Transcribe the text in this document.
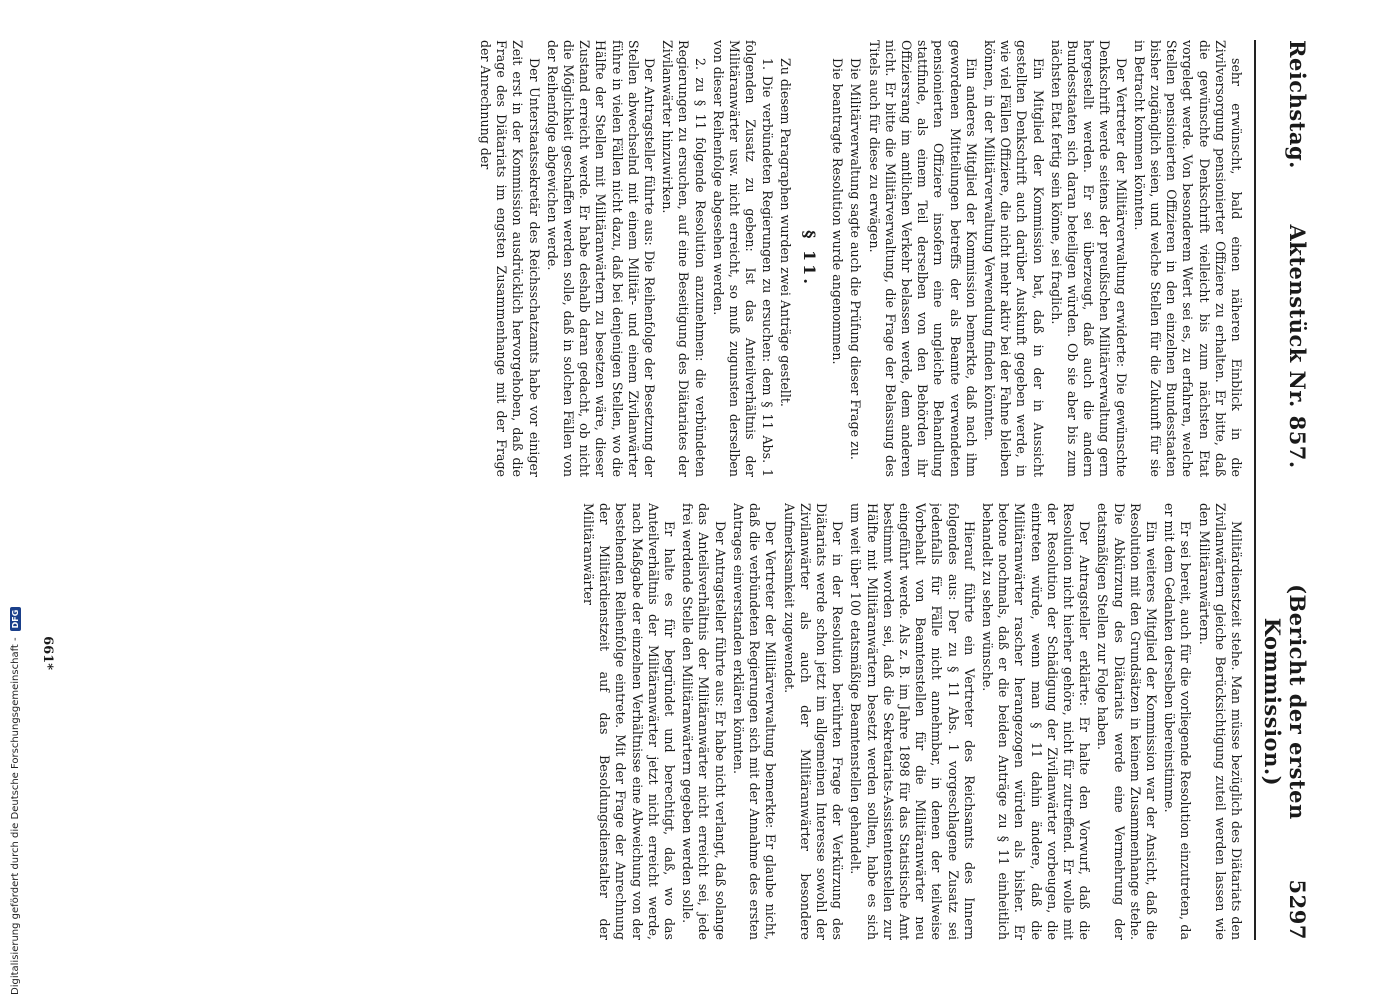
Reichstag.
Aktenstück Nr. 857.
(Bericht der ersten Kommission.)
5297

sehr erwünscht, bald einen näheren Einblick in die Zivilversorgung pensionierter Offiziere zu erhalten. Er bitte, daß die gewünschte Denkschrift vielleicht bis zum nächsten Etat vorgelegt werde. Von besonderem Wert sei es, zu erfahren, welche Stellen pensionierten Offizieren in den einzelnen Bundesstaaten bisher zugänglich seien, und welche Stellen für die Zukunft für sie in Betracht kommen könnten.

Der Vertreter der Militärverwaltung erwiderte: Die gewünschte Denkschrift werde seitens der preußischen Militärverwaltung gern hergestellt werden. Er sei überzeugt, daß auch die andern Bundesstaaten sich daran beteiligen würden. Ob sie aber bis zum nächsten Etat fertig sein könne, sei fraglich.

Ein Mitglied der Kommission bat, daß in der in Aussicht gestellten Denkschrift auch darüber Auskunft gegeben werde, in wie viel Fällen Offiziere, die nicht mehr aktiv bei der Fahne bleiben können, in der Militärverwaltung Verwendung finden könnten.

Ein anderes Mitglied der Kommission bemerkte, daß nach ihm gewordenen Mitteilungen betreffs der als Beamte verwendeten pensionierten Offiziere insofern eine ungleiche Behandlung stattfinde, als einem Teil derselben von den Behörden ihr Offiziersrang im amtlichen Verkehr belassen werde, dem anderen nicht. Er bitte die Militärverwaltung, die Frage der Belassung des Titels auch für diese zu erwägen.

Die Militärverwaltung sagte auch die Prüfung dieser Frage zu.

Die beantragte Resolution wurde angenommen.

§ 11.

Zu diesem Paragraphen wurden zwei Anträge gestellt.

1. Die verbündeten Regierungen zu ersuchen: dem § 11 Abs. 1 folgenden Zusatz zu geben: Ist das Anteilverhältnis der Militäranwärter usw. nicht erreicht, so muß zugunsten derselben von dieser Reihenfolge abgesehen werden.

2. zu § 11 folgende Resolution anzunehmen: die verbündeten Regierungen zu ersuchen, auf eine Beseitigung des Diätariates der Zivilanwärter hinzuwirken.

Der Antragsteller führte aus: Die Reihenfolge der Besetzung der Stellen abwechselnd mit einem Militär- und einem Zivilanwärter führe in vielen Fällen nicht dazu, daß bei denjenigen Stellen, wo die Hälfte der Stellen mit Militäranwärtern zu besetzen wäre, dieser Zustand erreicht werde. Er habe deshalb daran gedacht, ob nicht die Möglichkeit geschaffen werden solle, daß in solchen Fällen von der Reihenfolge abgewichen werde.

Der Unterstaatssekretär des Reichsschatzamts habe vor einiger Zeit erst in der Kommission ausdrücklich hervorgehoben, daß die Frage des Diätariats im engsten Zusammenhange mit der Frage der Anrechnung der

Militärdienstzeit stehe. Man müsse bezüglich des Diätariats den Zivilanwärtern gleiche Berücksichtigung zuteil werden lassen wie den Militäranwärtern.

Er sei bereit, auch für die vorliegende Resolution einzutreten, da er mit dem Gedanken derselben übereinstimme.

Ein weiteres Mitglied der Kommission war der Ansicht, daß die Resolution mit den Grundsätzen in keinem Zusammenhange stehe. Die Abkürzung des Diätariats werde eine Vermehrung der etatsmäßigen Stellen zur Folge haben.

Der Antragsteller erklärte: Er halte den Vorwurf, daß die Resolution nicht hierher gehöre, nicht für zutreffend. Er wolle mit der Resolution der Schädigung der Zivilanwärter vorbeugen, die eintreten würde, wenn man § 11 dahin ändere, daß die Militäranwärter rascher herangezogen würden als bisher. Er betone nochmals, daß er die beiden Anträge zu § 11 einheitlich behandelt zu sehen wünsche.

Hierauf führte ein Vertreter des Reichsamts des Innern folgendes aus: Der zu § 11 Abs. 1 vorgeschlagene Zusatz sei jedenfalls für Fälle nicht annehmbar, in denen der teilweise Vorbehalt von Beamtenstellen für die Militäranwärter neu eingeführt werde. Als z. B. im Jahre 1898 für das Statistische Amt bestimmt worden sei, daß die Sekretariats-Assistentenstellen zur Hälfte mit Militäranwärtern besetzt werden sollten, habe es sich um weit über 100 etatsmäßige Beamtenstellen gehandelt.

Der in der Resolution berührten Frage der Verkürzung des Diätariats werde schon jetzt im allgemeinen Interesse sowohl der Zivilanwärter als auch der Militäranwärter besondere Aufmerksamkeit zugewendet.

Der Vertreter der Militärverwaltung bemerkte: Er glaube nicht, daß die verbündeten Regierungen sich mit der Annahme des ersten Antrages einverstanden erklären könnten.

Der Antragsteller führte aus: Er habe nicht verlangt, daß solange das Anteilsverhältnis der Militäranwärter nicht erreicht sei, jede frei werdende Stelle den Militäranwärtern gegeben werden solle.

Er halte es für begründet und berechtigt, daß, wo das Anteilverhältnis der Militäranwärter jetzt nicht erreicht werde, nach Maßgabe der einzelnen Verhältnisse eine Abweichung von der bestehenden Reihenfolge eintrete. Mit der Frage der Anrechnung der Militärdienstzeit auf das Besoldungsdienstalter der Militäranwärter

661*
Digitalisierung gefördert durch die Deutsche Forschungsgemeinschaft -
DFG
